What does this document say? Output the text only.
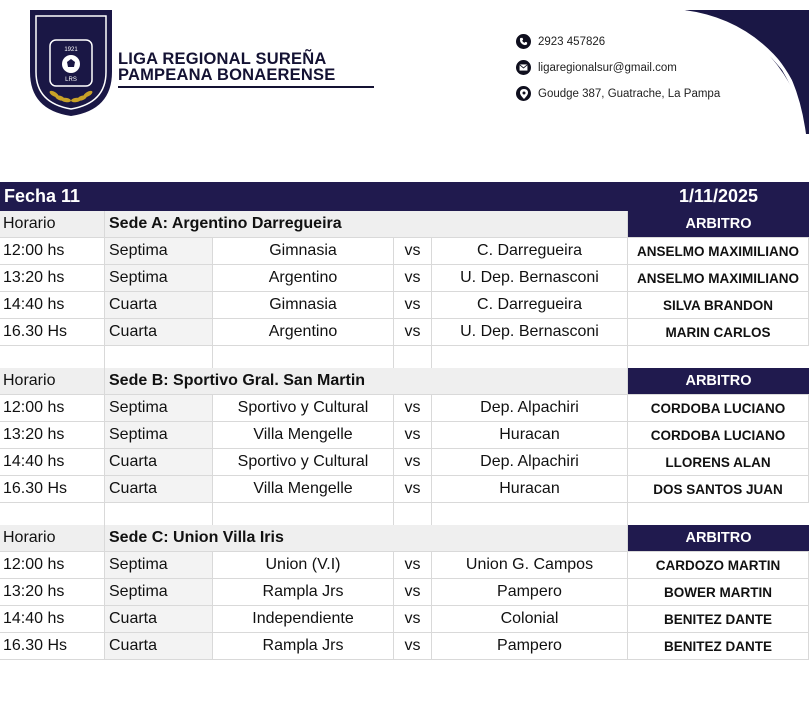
1921
LRS
LIGA REGIONAL SUREÑA
PAMPEANA BONAERENSE
2923 457826
ligaregionalsur@gmail.com
Goudge 387, Guatrache, La Pampa
Fecha 11	1/11/2025
Horario	Sede A: Argentino Darregueira	ARBITRO
12:00 hs	Septima	Gimnasia	vs	C. Darregueira	ANSELMO MAXIMILIANO
13:20 hs	Septima	Argentino	vs	U. Dep. Bernasconi	ANSELMO MAXIMILIANO
14:40 hs	Cuarta	Gimnasia	vs	C. Darregueira	SILVA BRANDON
16.30 Hs	Cuarta	Argentino	vs	U. Dep. Bernasconi	MARIN CARLOS
Horario	Sede B: Sportivo Gral. San Martin	ARBITRO
12:00 hs	Septima	Sportivo y Cultural	vs	Dep. Alpachiri	CORDOBA LUCIANO
13:20 hs	Septima	Villa Mengelle	vs	Huracan	CORDOBA LUCIANO
14:40 hs	Cuarta	Sportivo y Cultural	vs	Dep. Alpachiri	LLORENS ALAN
16.30 Hs	Cuarta	Villa Mengelle	vs	Huracan	DOS SANTOS JUAN
Horario	Sede C: Union Villa Iris	ARBITRO
12:00 hs	Septima	Union (V.I)	vs	Union G. Campos	CARDOZO MARTIN
13:20 hs	Septima	Rampla Jrs	vs	Pampero	BOWER MARTIN
14:40 hs	Cuarta	Independiente	vs	Colonial	BENITEZ DANTE
16.30 Hs	Cuarta	Rampla Jrs	vs	Pampero	BENITEZ DANTE
